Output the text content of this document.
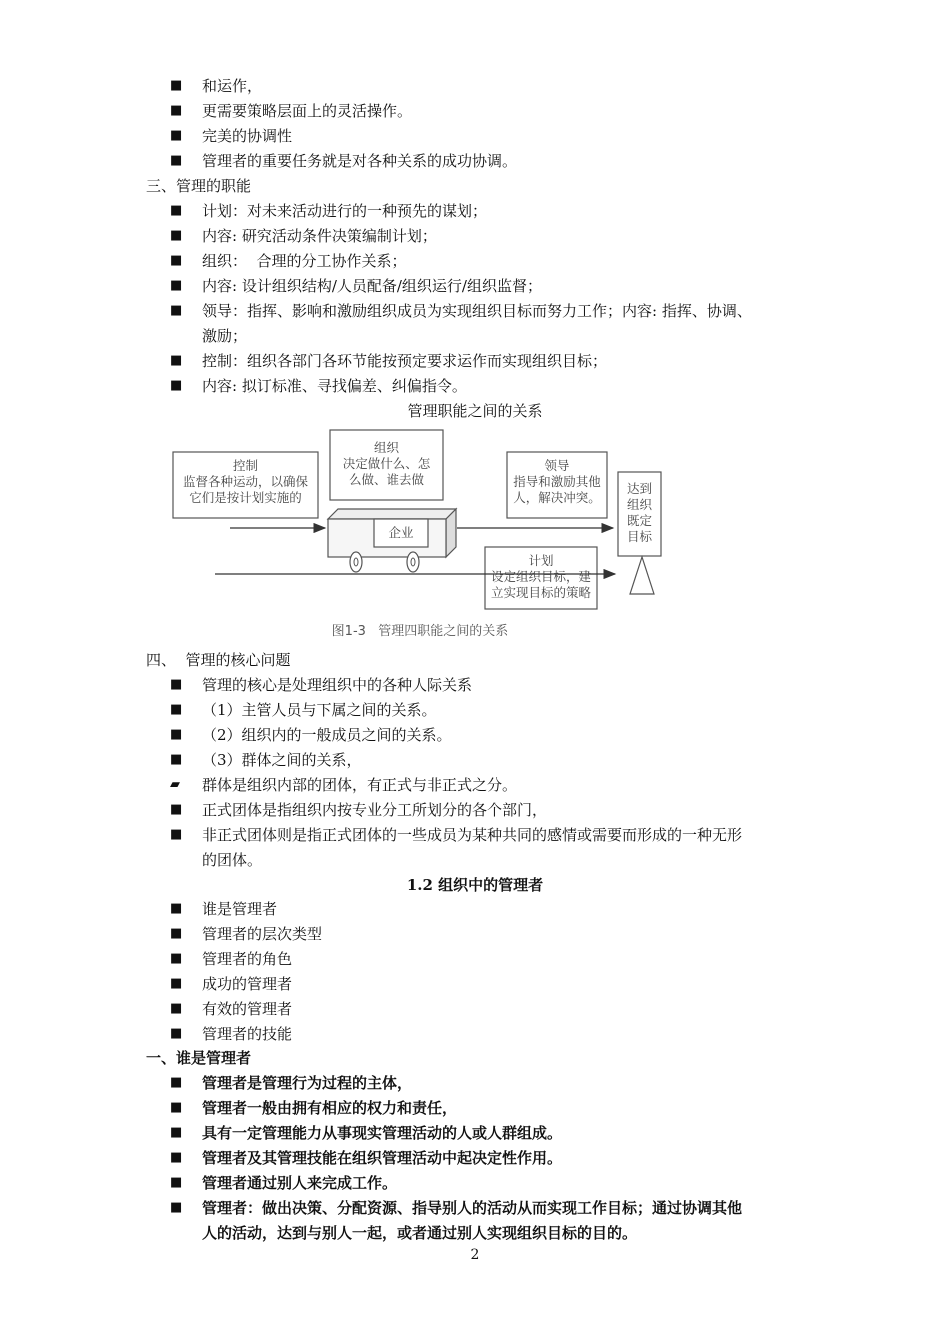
■ 和运作，
■ 更需要策略层面上的灵活操作。
■ 完美的协调性
■ 管理者的重要任务就是对各种关系的成功协调。
三、管理的职能
■ 计划：对未来活动进行的一种预先的谋划；
■ 内容: 研究活动条件决策编制计划；
■ 组织：  合理的分工协作关系；
■ 内容: 设计组织结构/人员配备/组织运行/组织监督；
■ 领导：指挥、影响和激励组织成员为实现组织目标而努力工作；内容: 指挥、协调、
激励；
■ 控制：组织各部门各环节能按预定要求运作而实现组织目标；
■ 内容: 拟订标准、寻找偏差、纠偏指令。
管理职能之间的关系
控制
监督各种运动，以确保
它们是按计划实施的
组织
决定做什么、怎
么做、谁去做
领导
指导和激励其他
人，解决冲突。
达到
组织
既定
目标
企业
计划
设定组织目标，建
立实现目标的策略
图1-3   管理四职能之间的关系
四、  管理的核心问题
■ 管理的核心是处理组织中的各种人际关系
■ （1）主管人员与下属之间的关系。
■ （2）组织内的一般成员之间的关系。
■ （3）群体之间的关系，
▰ 群体是组织内部的团体，有正式与非正式之分。
■ 正式团体是指组织内按专业分工所划分的各个部门，
■ 非正式团体则是指正式团体的一些成员为某种共同的感情或需要而形成的一种无形
的团体。
1.2 组织中的管理者
■ 谁是管理者
■ 管理者的层次类型
■ 管理者的角色
■ 成功的管理者
■ 有效的管理者
■ 管理者的技能
一、谁是管理者
■ 管理者是管理行为过程的主体，
■ 管理者一般由拥有相应的权力和责任，
■ 具有一定管理能力从事现实管理活动的人或人群组成。
■ 管理者及其管理技能在组织管理活动中起决定性作用。
■ 管理者通过别人来完成工作。
■ 管理者：做出决策、分配资源、指导别人的活动从而实现工作目标；通过协调其他
人的活动，达到与别人一起，或者通过别人实现组织目标的目的。
2
